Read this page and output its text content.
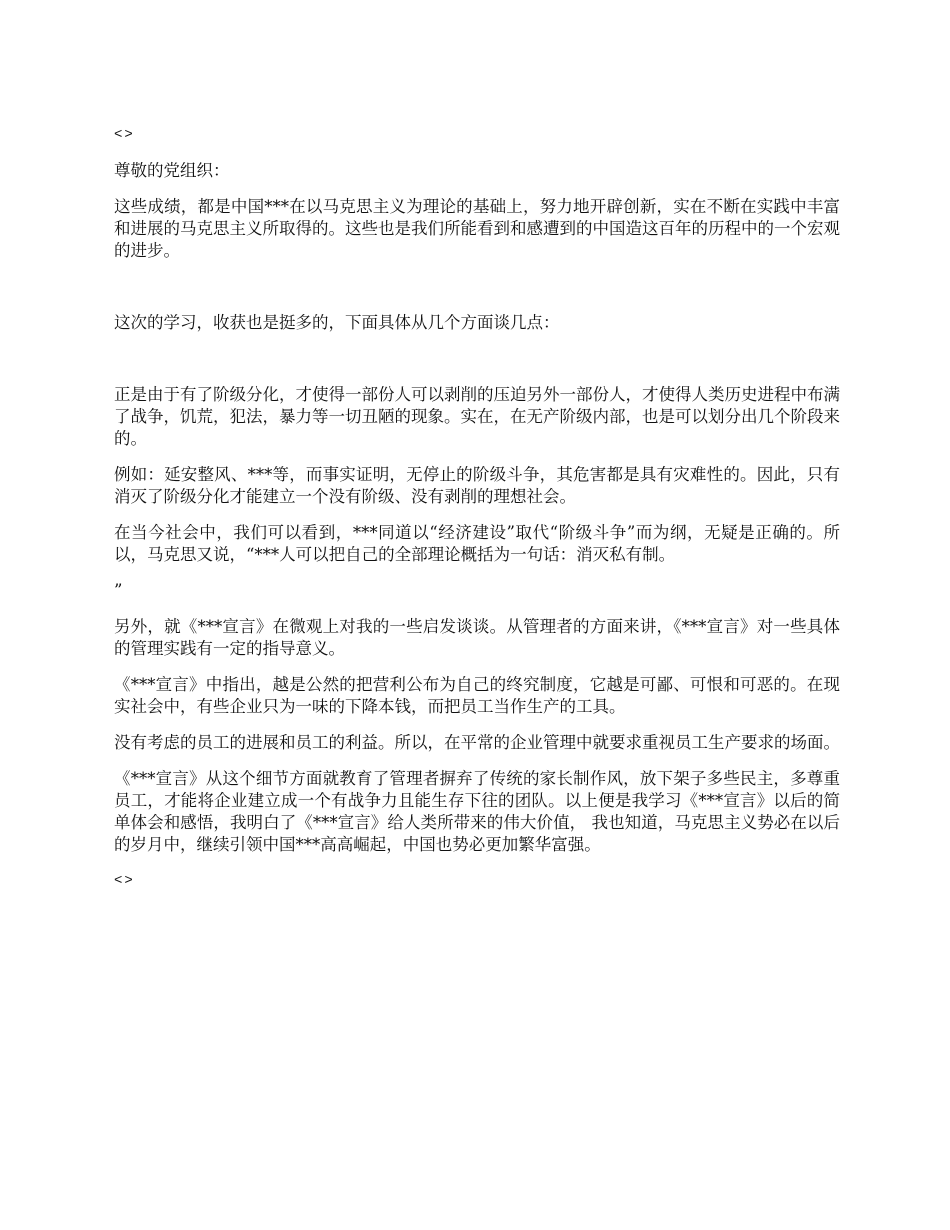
<>

尊敬的党组织：

这些成绩，都是中国***在以马克思主义为理论的基础上，努力地开辟创新，实在不断在实践中丰富和进展的马克思主义所取得的。这些也是我们所能看到和感遭到的中国造这百年的历程中的一个宏观的进步。

这次的学习，收获也是挺多的，下面具体从几个方面谈几点：

正是由于有了阶级分化，才使得一部份人可以剥削的压迫另外一部份人，才使得人类历史进程中布满了战争，饥荒，犯法，暴力等一切丑陋的现象。实在，在无产阶级内部，也是可以划分出几个阶段来的。

例如：延安整风、***等，而事实证明，无停止的阶级斗争，其危害都是具有灾难性的。因此，只有消灭了阶级分化才能建立一个没有阶级、没有剥削的理想社会。

在当今社会中，我们可以看到，***同道以“经济建设”取代“阶级斗争”而为纲，无疑是正确的。所以，马克思又说，“***人可以把自己的全部理论概括为一句话：消灭私有制。

”

另外，就《***宣言》在微观上对我的一些启发谈谈。从管理者的方面来讲，《***宣言》对一些具体的管理实践有一定的指导意义。

《***宣言》中指出，越是公然的把营利公布为自己的终究制度，它越是可鄙、可恨和可恶的。在现实社会中，有些企业只为一味的下降本钱，而把员工当作生产的工具。

没有考虑的员工的进展和员工的利益。所以，在平常的企业管理中就要求重视员工生产要求的场面。

《***宣言》从这个细节方面就教育了管理者摒弃了传统的家长制作风，放下架子多些民主，多尊重员工，才能将企业建立成一个有战争力且能生存下往的团队。以上便是我学习《***宣言》以后的简单体会和感悟，我明白了《***宣言》给人类所带来的伟大价值， 我也知道，马克思主义势必在以后的岁月中，继续引领中国***高高崛起，中国也势必更加繁华富强。

<>
